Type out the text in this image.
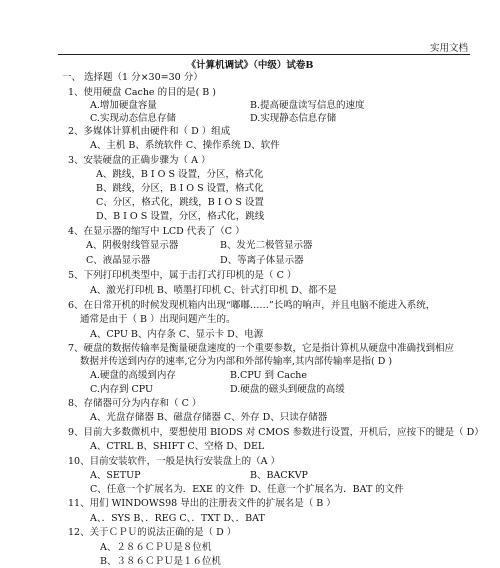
实用文档
《计算机调试》（中级）试卷B
一、 选择题（1 分×30=30 分）
1、使用硬盘 Cache 的目的是( B )
A.增加硬盘容量	B.提高硬盘读写信息的速度
C.实现动态信息存储	D.实现静态信息存储
2、多媒体计算机由硬件和（ D ）组成
A、主机 B、系统软件 C、操作系统 D、软件
3、安装硬盘的正确步骤为（ A ）
A、跳线，B I O S 设置，分区，格式化
B、跳线，分区，B I O S 设置，格式化
C、分区，格式化，跳线，B I O S 设置
D、B I O S 设置，分区，格式化，跳线
4、在显示器的缩写中 LCD 代表了（C ）
A、阴极射线管显示器	B、发光二极管显示器
C、液晶显示器	D、等离子体显示器
5、下列打印机类型中，属于击打式打印机的是（ C ）
A、激光打印机 B、喷墨打印机 C、针式打印机 D、都不是
6、在日常开机的时候发现机箱内出现“嘟嘟……”长鸣的响声，并且电脑不能进入系统，
通常是由于（ B ）出现问题产生的。
A、CPU B、内存条 C、显示卡 D、电源
7、硬盘的数据传输率是衡量硬盘速度的一个重要参数，它是指计算机从硬盘中准确找到相应
数据并传送到内存的速率,它分为内部和外部传输率,其内部传输率是指( D )
A.硬盘的高缓到内存	B.CPU 到 Cache
C.内存到 CPU	D.硬盘的磁头到硬盘的高缓
8、存储器可分为内存和（ C ）
A、光盘存储器 B、磁盘存储器 C、外存 D、只读存储器
9、目前大多数微机中，要想使用 BIODS 对 CMOS 参数进行设置，开机后，应按下的键是（ D）
A、CTRL B、SHIFT C、空格 D、DEL
10、目前安装软件，一般是执行安装盘上的（A ）
A、SETUP	B、BACKVP
C、任意一个扩展名为．EXE 的文件 D、任意一个扩展名为．BAT 的文件
11、用们 WINDOWS98 导出的注册表文件的扩展名是（ B ）
A、．SYS B、．REG C、．TXT D、．BAT
12、关于ＣＰＵ的说法正确的是（ D ）
A、２８６ＣＰＵ是８位机
B、３８６ＣＰＵ是１６位机
